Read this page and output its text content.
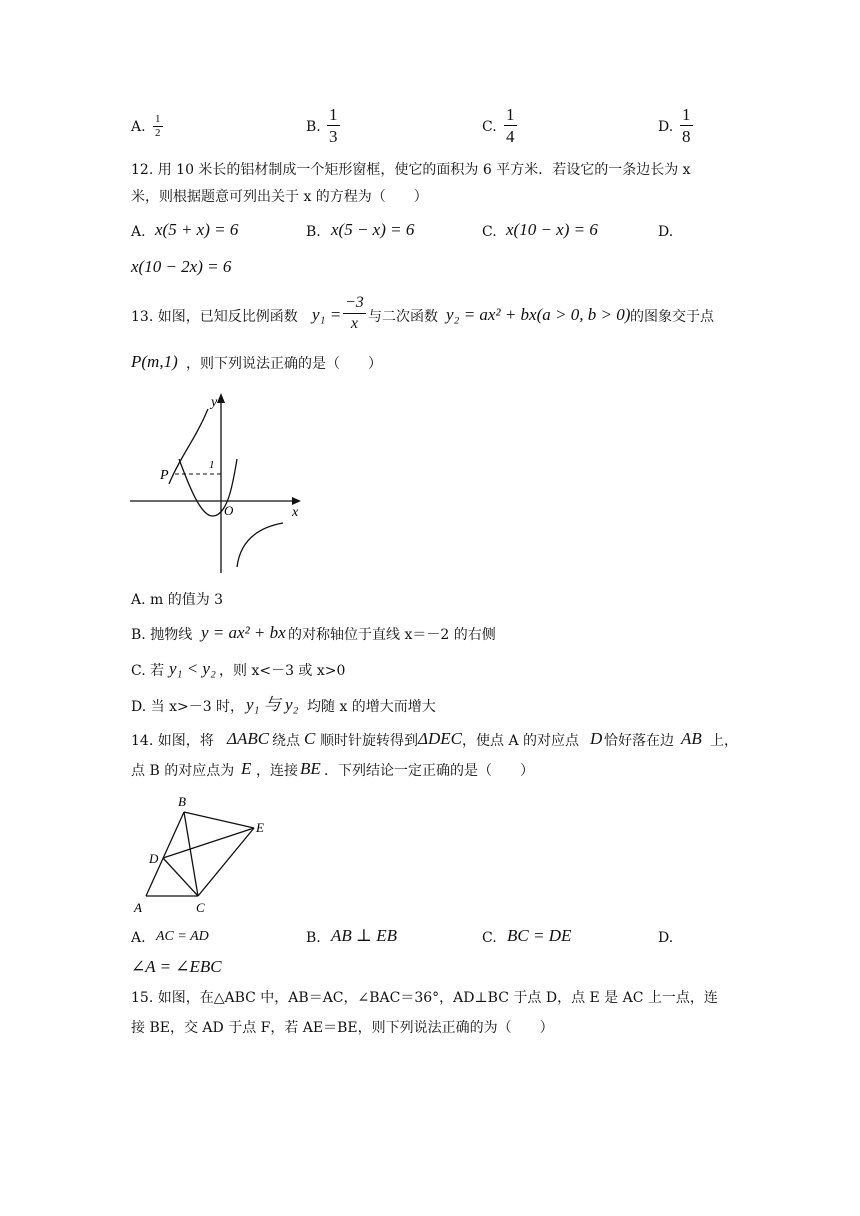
A. $\frac{1}{2}$	B. $\frac{1}{3}$	C. $\frac{1}{4}$	D. $\frac{1}{8}$
12. 用 10 米长的铝材制成一个矩形窗框，使它的面积为 6 平方米．若设它的一条边长为 x
米，则根据题意可列出关于 x 的方程为（　　）
A. x(5 + x) = 6	B. x(5 − x) = 6	C. x(10 − x) = 6	D.
x(10 − 2x) = 6
13. 如图，已知反比例函数 $y_1 = \frac{-3}{x}$ 与二次函数 y₂ = ax² + bx(a > 0, b > 0) 的图象交于点
P(m,1) ，则下列说法正确的是（　　）
y
x
O
P
1
A. m 的值为 3
B. 抛物线 y = ax² + bx 的对称轴位于直线 x＝－2 的右侧
C. 若 y₁ < y₂ ，则 x<－3 或 x>0
D. 当 x>－3 时， y₁ 与 y₂ 均随 x 的增大而增大
14. 如图，将 ΔABC 绕点 C 顺时针旋转得到 ΔDEC ，使点 A 的对应点 D 恰好落在边 AB 上，
点 B 的对应点为 E ，连接 BE ．下列结论一定正确的是（　　）
A
B
C
D
E
A. AC = AD	B. AB ⊥ EB	C. BC = DE	D.
∠A = ∠EBC
15. 如图，在△ABC 中，AB＝AC，∠BAC＝36°，AD⊥BC 于点 D，点 E 是 AC 上一点，连
接 BE，交 AD 于点 F，若 AE＝BE，则下列说法正确的为（　　）
